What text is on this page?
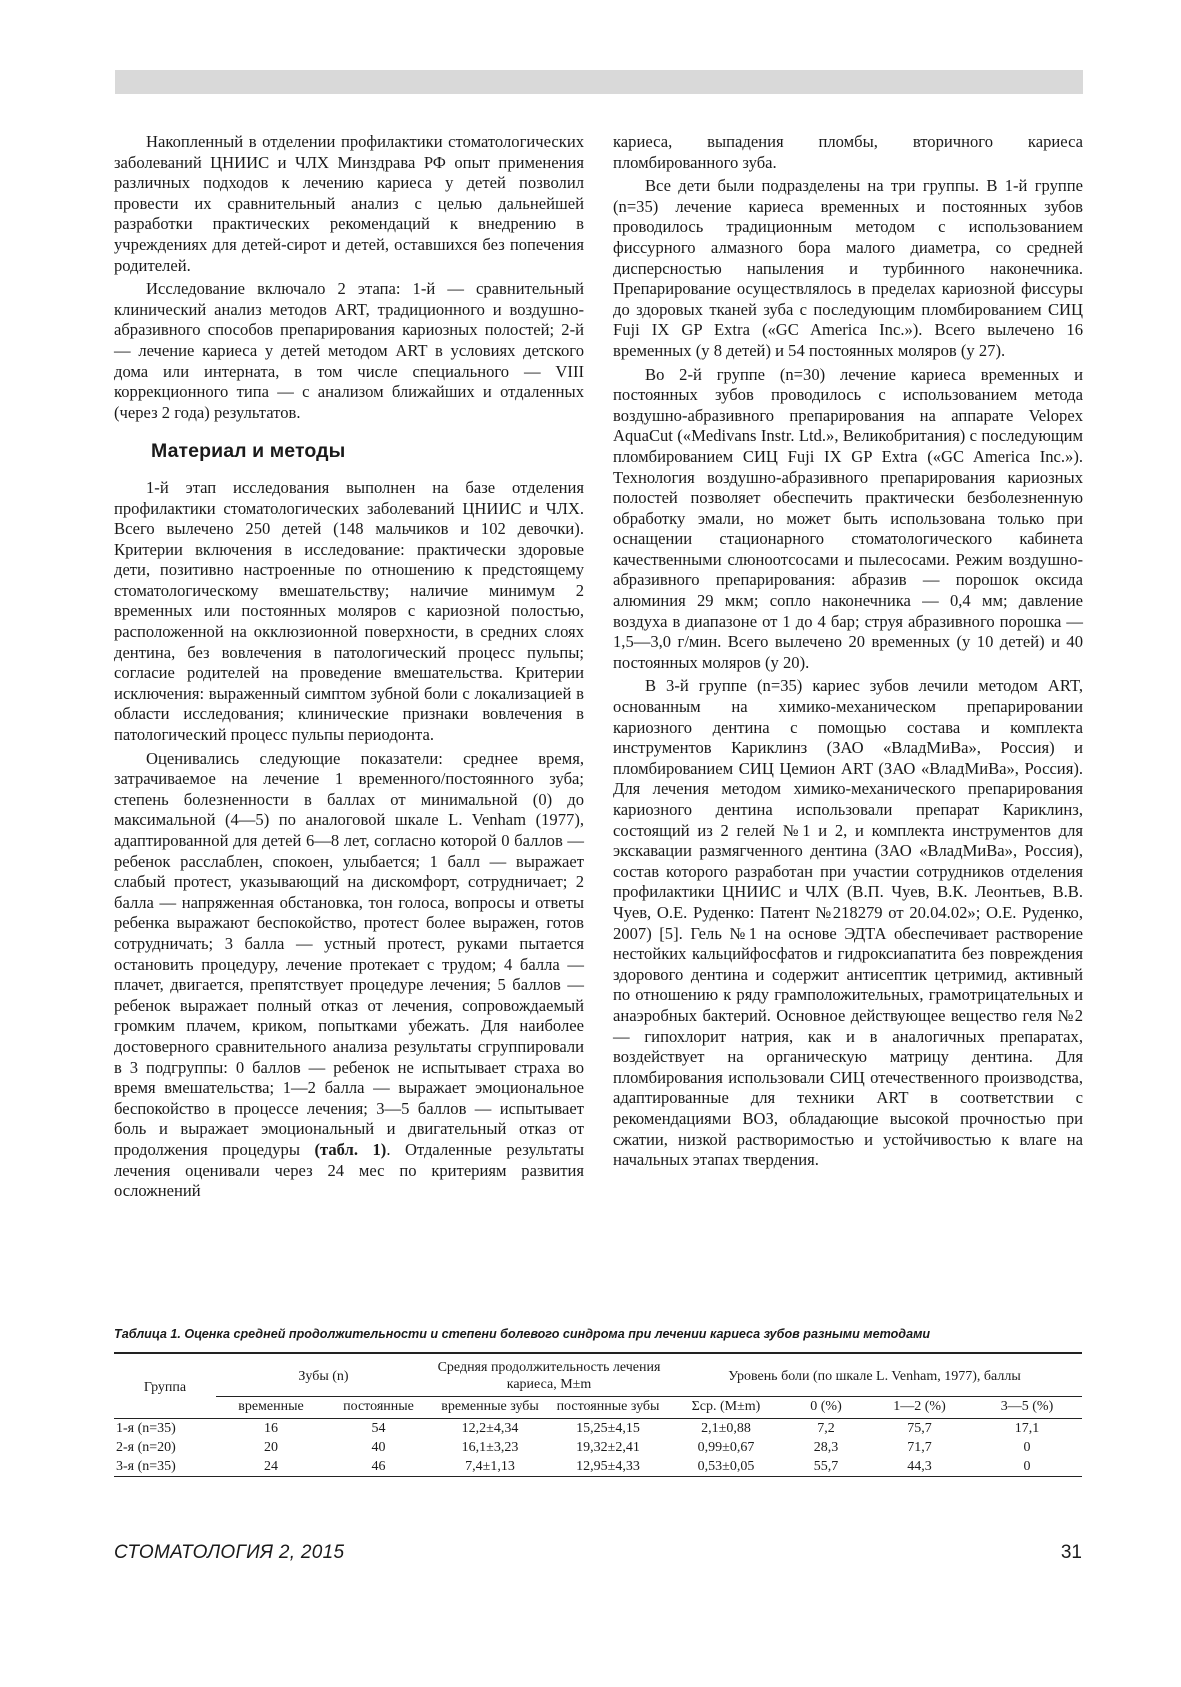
Накопленный в отделении профилактики стоматологических заболеваний ЦНИИС и ЧЛХ Минздрава РФ опыт применения различных подходов к лечению кариеса у детей позволил провести их сравнительный анализ с целью дальнейшей разработки практических рекомендаций к внедрению в учреждениях для детей-сирот и детей, оставшихся без попечения родителей.

Исследование включало 2 этапа: 1-й — сравнительный клинический анализ методов ART, традиционного и воздушно-абразивного способов препарирования кариозных полостей; 2-й — лечение кариеса у детей методом ART в условиях детского дома или интерната, в том числе специального — VIII коррекционного типа — с анализом ближайших и отдаленных (через 2 года) результатов.

Материал и методы

1-й этап исследования выполнен на базе отделения профилактики стоматологических заболеваний ЦНИИС и ЧЛХ. Всего вылечено 250 детей (148 мальчиков и 102 девочки). Критерии включения в исследование: практически здоровые дети, позитивно настроенные по отношению к предстоящему стоматологическому вмешательству; наличие минимум 2 временных или постоянных моляров с кариозной полостью, расположенной на окклюзионной поверхности, в средних слоях дентина, без вовлечения в патологический процесс пульпы; согласие родителей на проведение вмешательства. Критерии исключения: выраженный симптом зубной боли с локализацией в области исследования; клинические признаки вовлечения в патологический процесс пульпы периодонта.

Оценивались следующие показатели: среднее время, затрачиваемое на лечение 1 временного/постоянного зуба; степень болезненности в баллах от минимальной (0) до максимальной (4—5) по аналоговой шкале L. Venham (1977), адаптированной для детей 6—8 лет, согласно которой 0 баллов — ребенок расслаблен, спокоен, улыбается; 1 балл — выражает слабый протест, указывающий на дискомфорт, сотрудничает; 2 балла — напряженная обстановка, тон голоса, вопросы и ответы ребенка выражают беспокойство, протест более выражен, готов сотрудничать; 3 балла — устный протест, руками пытается остановить процедуру, лечение протекает с трудом; 4 балла — плачет, двигается, препятствует процедуре лечения; 5 баллов — ребенок выражает полный отказ от лечения, сопровождаемый громким плачем, криком, попытками убежать. Для наиболее достоверного сравнительного анализа результаты сгруппировали в 3 подгруппы: 0 баллов — ребенок не испытывает страха во время вмешательства; 1—2 балла — выражает эмоциональное беспокойство в процессе лечения; 3—5 баллов — испытывает боль и выражает эмоциональный и двигательный отказ от продолжения процедуры (табл. 1). Отдаленные результаты лечения оценивали через 24 мес по критериям развития осложнений

кариеса, выпадения пломбы, вторичного кариеса пломбированного зуба.

Все дети были подразделены на три группы. В 1-й группе (n=35) лечение кариеса временных и постоянных зубов проводилось традиционным методом с использованием фиссурного алмазного бора малого диаметра, со средней дисперсностью напыления и турбинного наконечника. Препарирование осуществлялось в пределах кариозной фиссуры до здоровых тканей зуба с последующим пломбированием СИЦ Fuji IX GP Extra («GC America Inc.»). Всего вылечено 16 временных (у 8 детей) и 54 постоянных моляров (у 27).

Во 2-й группе (n=30) лечение кариеса временных и постоянных зубов проводилось с использованием метода воздушно-абразивного препарирования на аппарате Velopex AquaCut («Medivans Instr. Ltd.», Великобритания) с последующим пломбированием СИЦ Fuji IX GP Extra («GC America Inc.»). Технология воздушно-абразивного препарирования кариозных полостей позволяет обеспечить практически безболезненную обработку эмали, но может быть использована только при оснащении стационарного стоматологического кабинета качественными слюноотсосами и пылесосами. Режим воздушно-абразивного препарирования: абразив — порошок оксида алюминия 29 мкм; сопло наконечника — 0,4 мм; давление воздуха в диапазоне от 1 до 4 бар; струя абразивного порошка — 1,5—3,0 г/мин. Всего вылечено 20 временных (у 10 детей) и 40 постоянных моляров (у 20).

В 3-й группе (n=35) кариес зубов лечили методом ART, основанным на химико-механическом препарировании кариозного дентина с помощью состава и комплекта инструментов Кариклинз (ЗАО «ВладМиВа», Россия) и пломбированием СИЦ Цемион ART (ЗАО «ВладМиВа», Россия). Для лечения методом химико-механического препарирования кариозного дентина использовали препарат Кариклинз, состоящий из 2 гелей №1 и 2, и комплекта инструментов для экскавации размягченного дентина (ЗАО «ВладМиВа», Россия), состав которого разработан при участии сотрудников отделения профилактики ЦНИИС и ЧЛХ (В.П. Чуев, В.К. Леонтьев, В.В. Чуев, О.Е. Руденко: Патент №218279 от 20.04.02»; О.Е. Руденко, 2007) [5]. Гель №1 на основе ЭДТА обеспечивает растворение нестойких кальцийфосфатов и гидроксиапатита без повреждения здорового дентина и содержит антисептик цетримид, активный по отношению к ряду грамположительных, грамотрицательных и анаэробных бактерий. Основное действующее вещество геля №2 — гипохлорит натрия, как и в аналогичных препаратах, воздействует на органическую матрицу дентина. Для пломбирования использовали СИЦ отечественного производства, адаптированные для техники ART в соответствии с рекомендациями ВОЗ, обладающие высокой прочностью при сжатии, низкой растворимостью и устойчивостью к влаге на начальных этапах твердения.

Таблица 1. Оценка средней продолжительности и степени болевого синдрома при лечении кариеса зубов разными методами
Группа	Зубы (n)		Средняя продолжительность лечения кариеса, M±m		Уровень боли (по шкале L. Venham, 1977), баллы			
	временные	постоянные	временные зубы	постоянные зубы	Σср. (M±m)	0 (%)	1—2 (%)	3—5 (%)
1-я (n=35)	16	54	12,2±4,34	15,25±4,15	2,1±0,88	7,2	75,7	17,1
2-я (n=20)	20	40	16,1±3,23	19,32±2,41	0,99±0,67	28,3	71,7	0
3-я (n=35)	24	46	7,4±1,13	12,95±4,33	0,53±0,05	55,7	44,3	0
СТОМАТОЛОГИЯ 2, 2015	31
